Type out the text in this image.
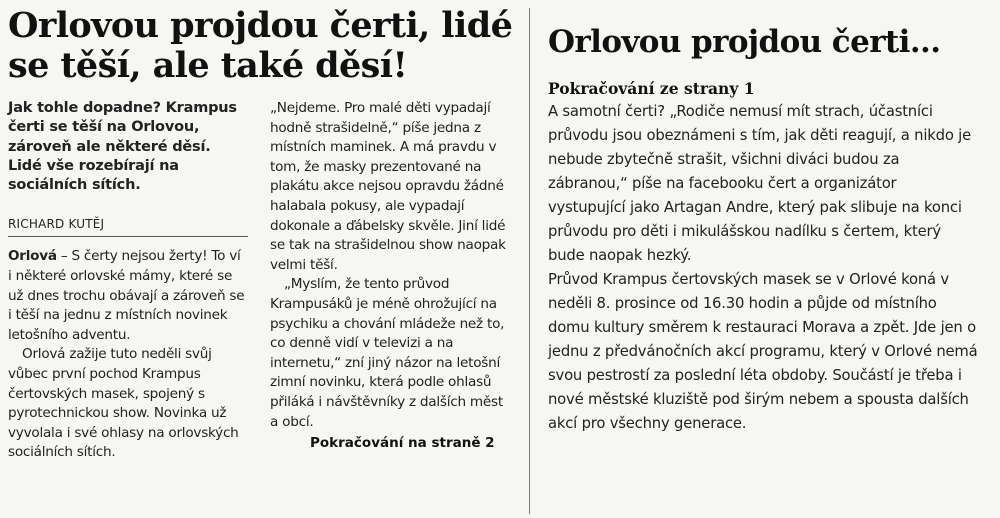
Orlovou projdou čerti, lidé se těší, ale také děsí!

Jak tohle dopadne? Krampus čerti se těší na Orlovou, zároveň ale některé děsí. Lidé vše rozebírají na sociálních sítích.

RICHARD KUTĚJ

Orlová – S čerty nejsou žerty! To ví i některé orlovské mámy, které se už dnes trochu obávají a zároveň se i těší na jednu z místních novinek letošního adventu.

Orlová zažije tuto neděli svůj vůbec první pochod Krampus čertovských masek, spojený s pyrotechnickou show. Novinka už vyvolala i své ohlasy na orlovských sociálních sítích.

„Nejdeme. Pro malé děti vypadají hodně strašidelně,“ píše jedna z místních maminek. A má pravdu v tom, že masky prezentované na plakátu akce nejsou opravdu žádné halabala pokusy, ale vypadají dokonale a ďábelsky skvěle. Jiní lidé se tak na strašidelnou show naopak velmi těší.

„Myslím, že tento průvod Krampusáků je méně ohrožující na psychiku a chování mládeže než to, co denně vidí v televizi a na internetu,“ zní jiný názor na letošní zimní novinku, která podle ohlasů přiláká i návštěvníky z dalších měst a obcí.

Pokračování na straně 2
Orlovou projdou čerti...
Pokračování ze strany 1

A samotní čerti? „Rodiče nemusí mít strach, účastníci průvodu jsou obeznámeni s tím, jak děti reagují, a nikdo je nebude zbytečně strašit, všichni diváci budou za zábranou,“ píše na facebooku čert a organizátor vystupující jako Artagan Andre, který pak slibuje na konci průvodu pro děti i mikulášskou nadílku s čertem, který bude naopak hezký.

Průvod Krampus čertovských masek se v Orlové koná v neděli 8. prosince od 16.30 hodin a půjde od místního domu kultury směrem k restauraci Morava a zpět. Jde jen o jednu z předvánočních akcí programu, který v Orlové nemá svou pestrostí za poslední léta obdoby. Součástí je třeba i nové městské kluziště pod širým nebem a spousta dalších akcí pro všechny generace.
